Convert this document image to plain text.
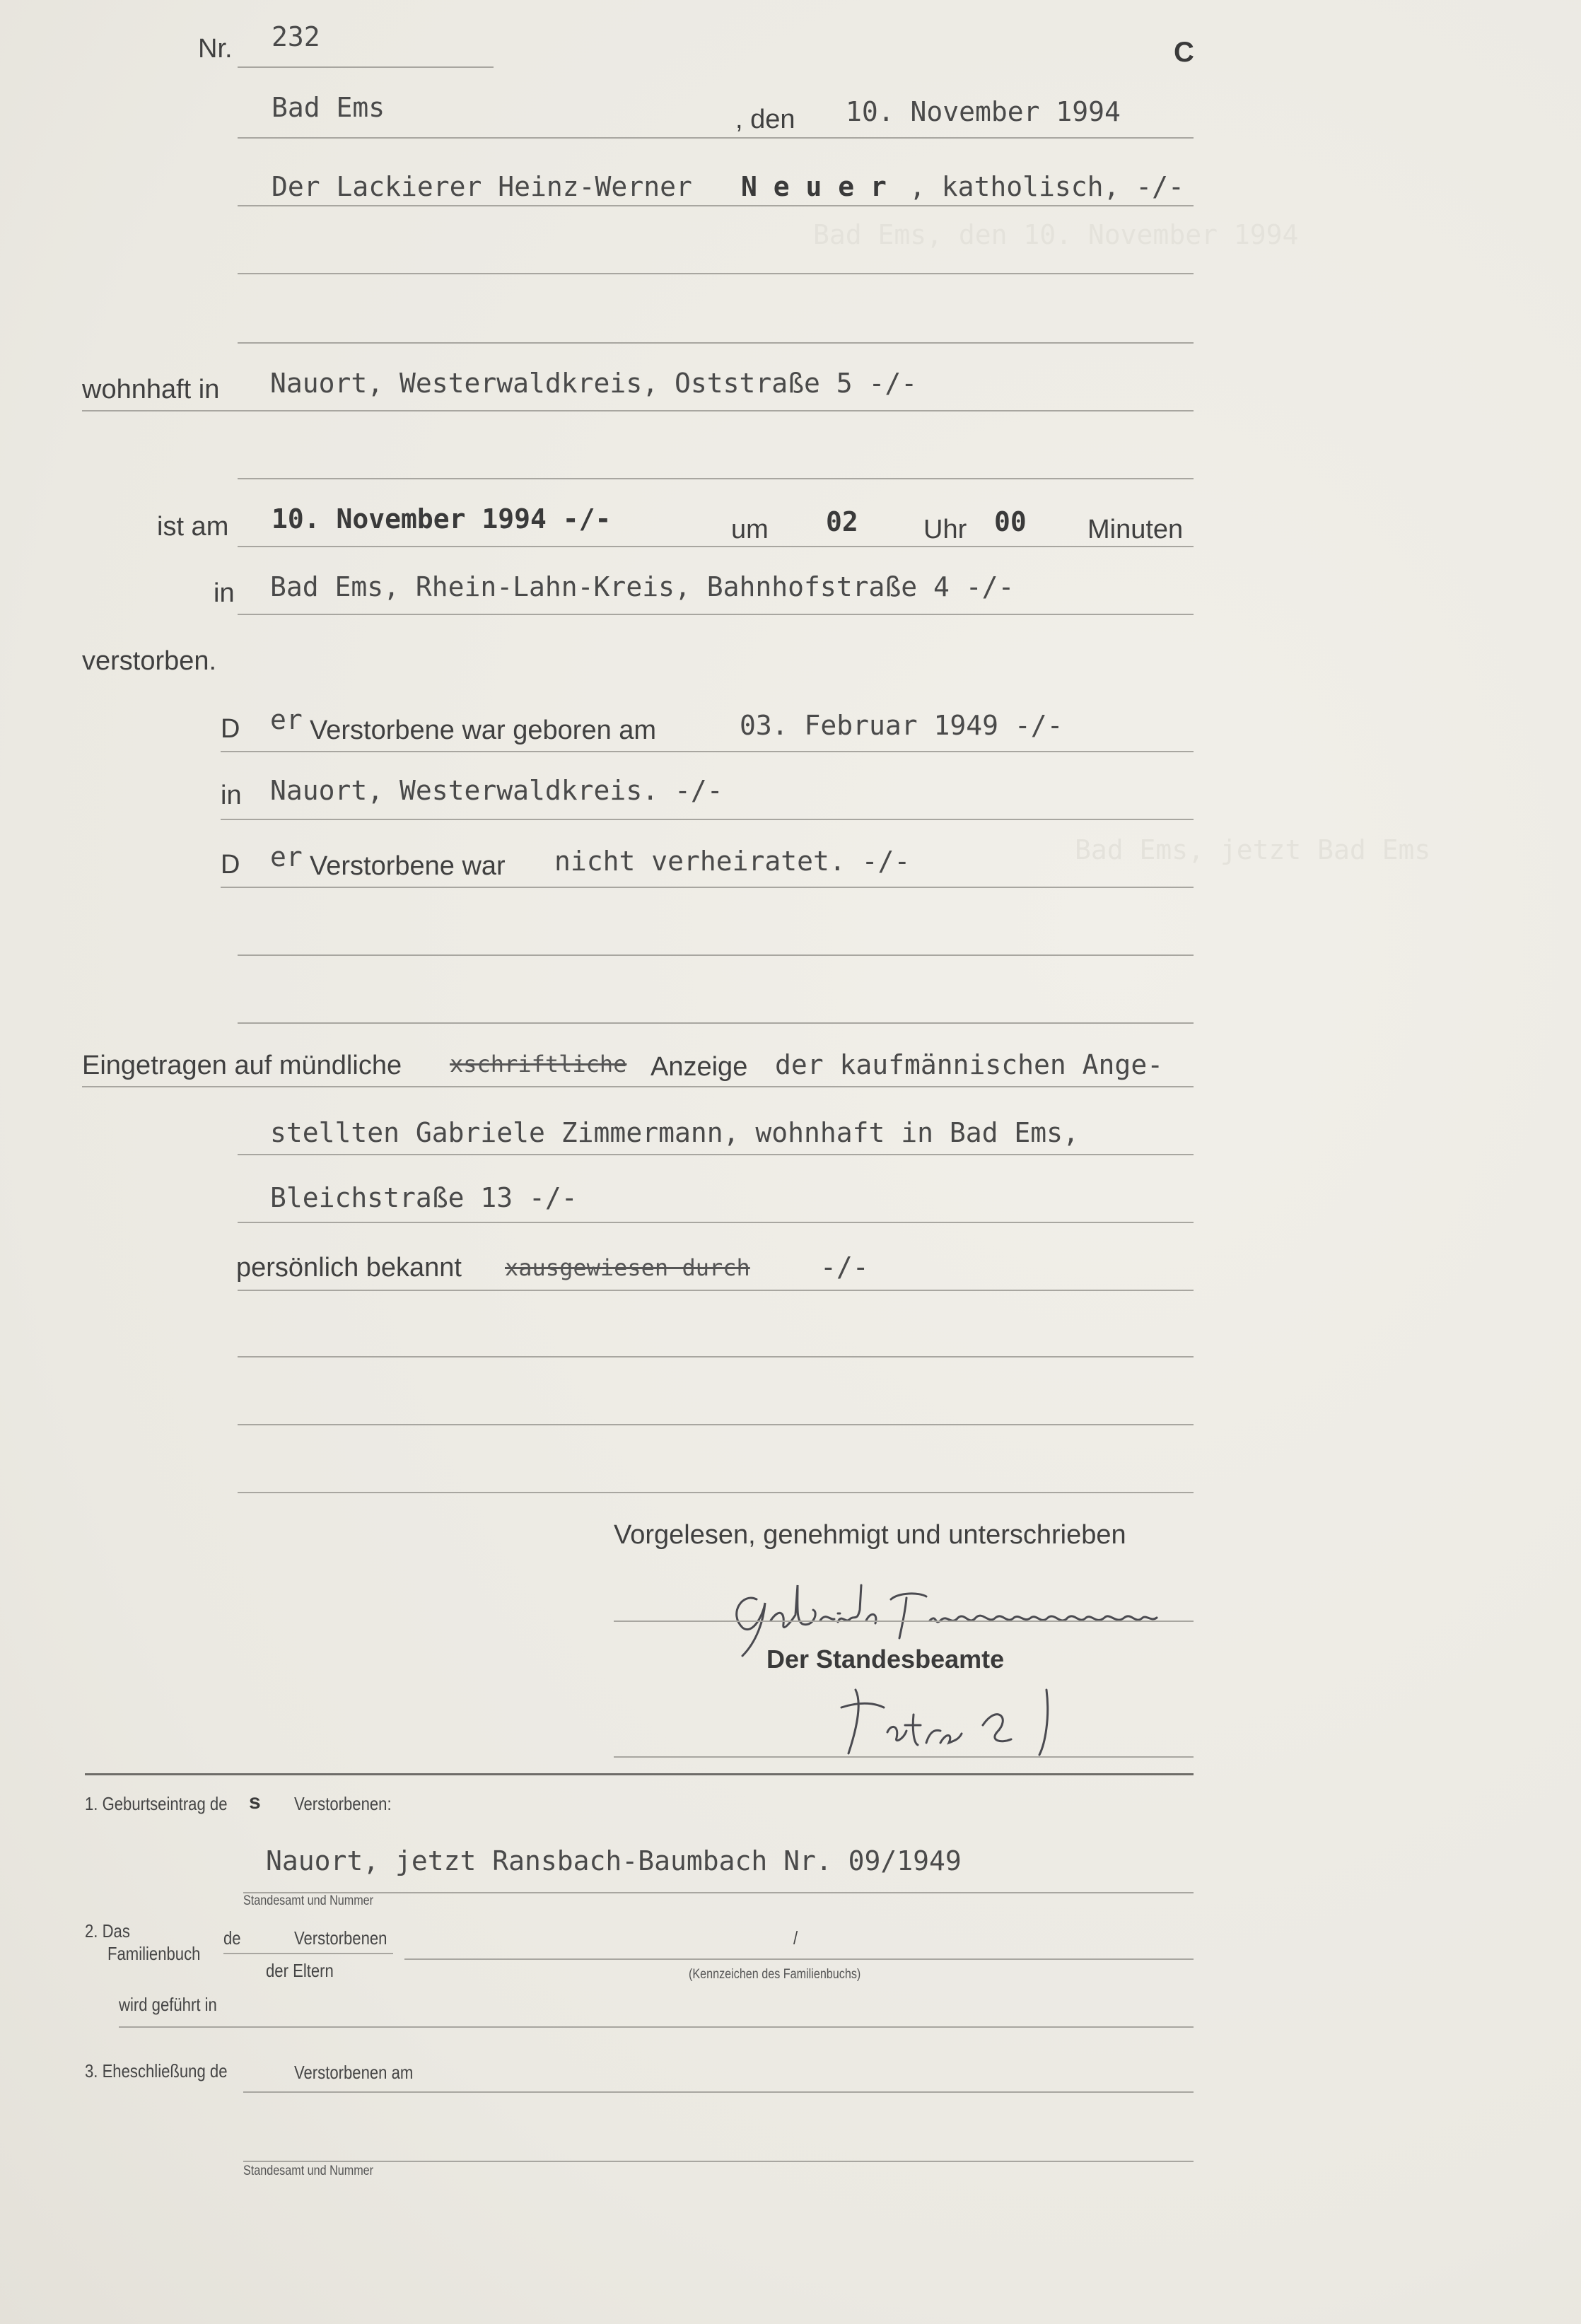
Bad Ems, den 10. November 1994
Bad Ems, jetzt Bad Ems
Nr. 232	C
Bad Ems	, den 10. November 1994
Der Lackierer Heinz-Werner N e u e r , katholisch, -/-
wohnhaft in Nauort, Westerwaldkreis, Oststraße 5 -/-
ist am 10. November 1994 -/-	um 02 Uhr 00 Minuten
in Bad Ems, Rhein-Lahn-Kreis, Bahnhofstraße 4 -/-
verstorben.
D er Verstorbene war geboren am	03. Februar 1949 -/-
in Nauort, Westerwaldkreis. -/-
D er Verstorbene war nicht verheiratet. -/-
Eingetragen auf mündliche xschriftliche Anzeige der kaufmännischen Ange-
stellten Gabriele Zimmermann, wohnhaft in Bad Ems,
Bleichstraße 13 -/-
persönlich bekannt xausgewiesen durch	-/-
Vorgelesen, genehmigt und unterschrieben
Der Standesbeamte
1. Geburtseintrag de s Verstorbenen:
Nauort, jetzt Ransbach-Baumbach Nr. 09/1949
Standesamt und Nummer
2. Das
Familienbuch
de	Verstorbenen
der Eltern
/
(Kennzeichen des Familienbuchs)
wird geführt in
3. Eheschließung de	Verstorbenen am
Standesamt und Nummer
